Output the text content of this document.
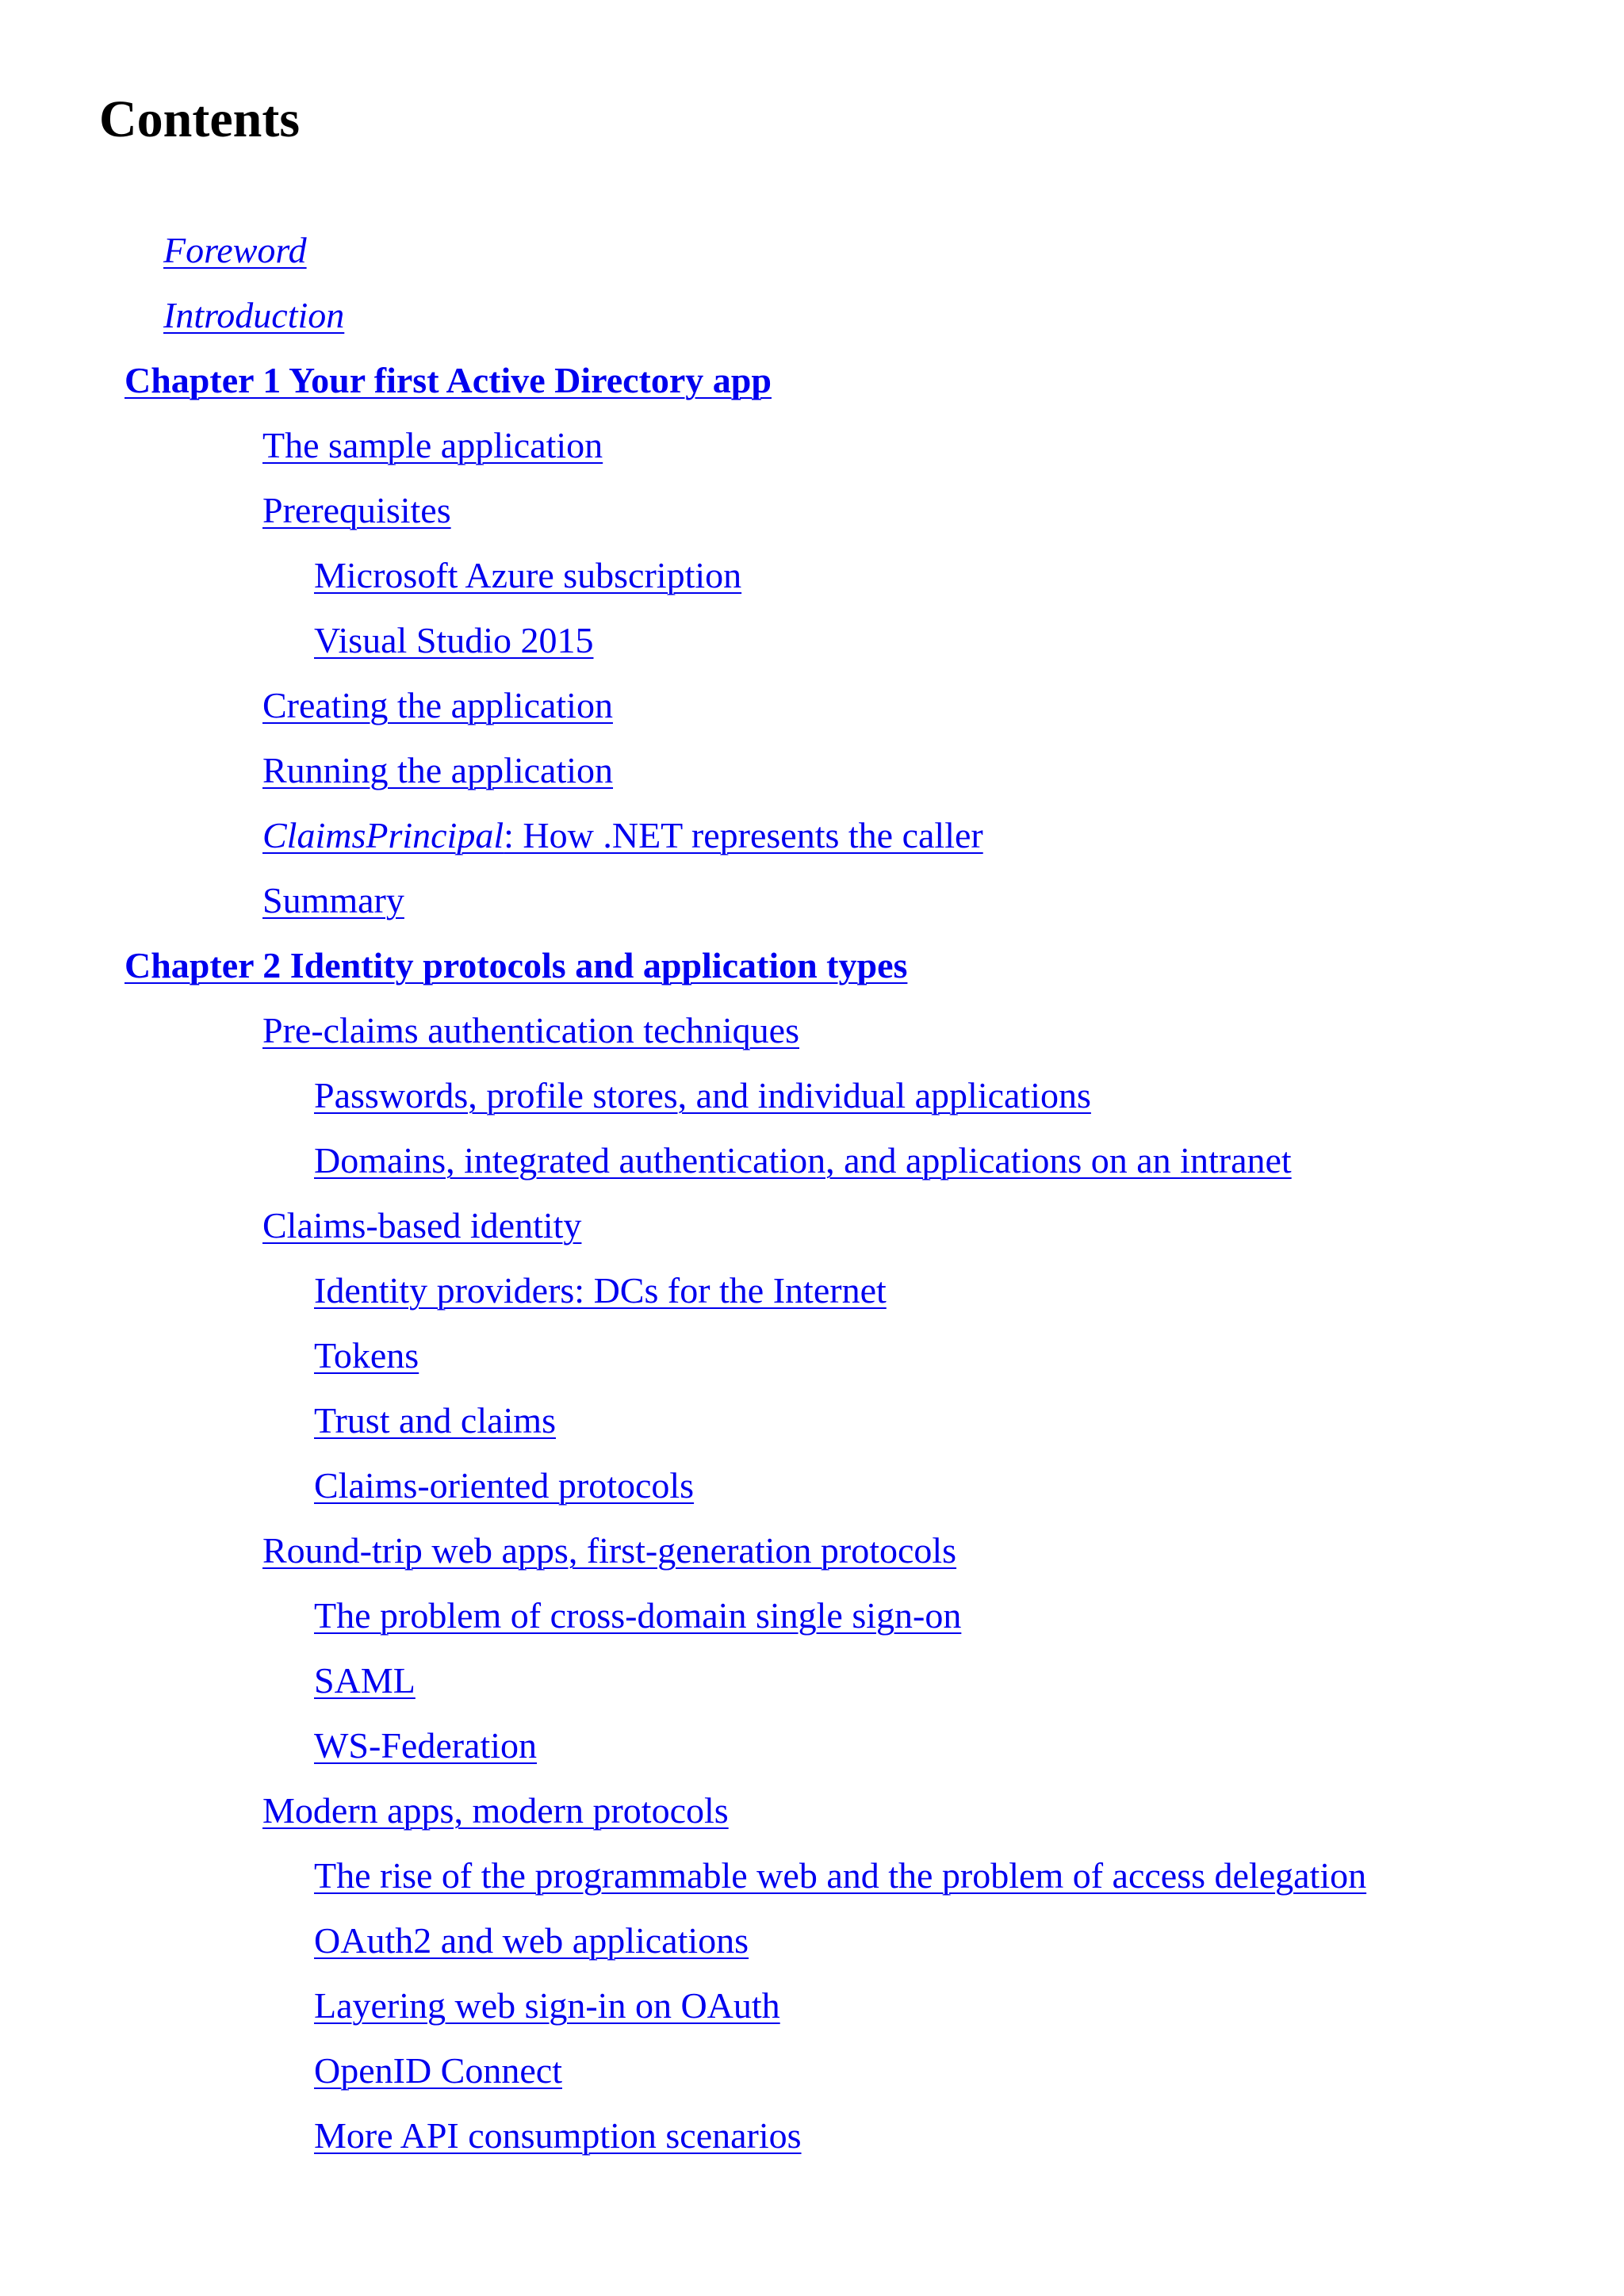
Contents
Foreword
Introduction
Chapter 1 Your first Active Directory app
The sample application
Prerequisites
Microsoft Azure subscription
Visual Studio 2015
Creating the application
Running the application
ClaimsPrincipal: How .NET represents the caller
Summary
Chapter 2 Identity protocols and application types
Pre-claims authentication techniques
Passwords, profile stores, and individual applications
Domains, integrated authentication, and applications on an intranet
Claims-based identity
Identity providers: DCs for the Internet
Tokens
Trust and claims
Claims-oriented protocols
Round-trip web apps, first-generation protocols
The problem of cross-domain single sign-on
SAML
WS-Federation
Modern apps, modern protocols
The rise of the programmable web and the problem of access delegation
OAuth2 and web applications
Layering web sign-in on OAuth
OpenID Connect
More API consumption scenarios
